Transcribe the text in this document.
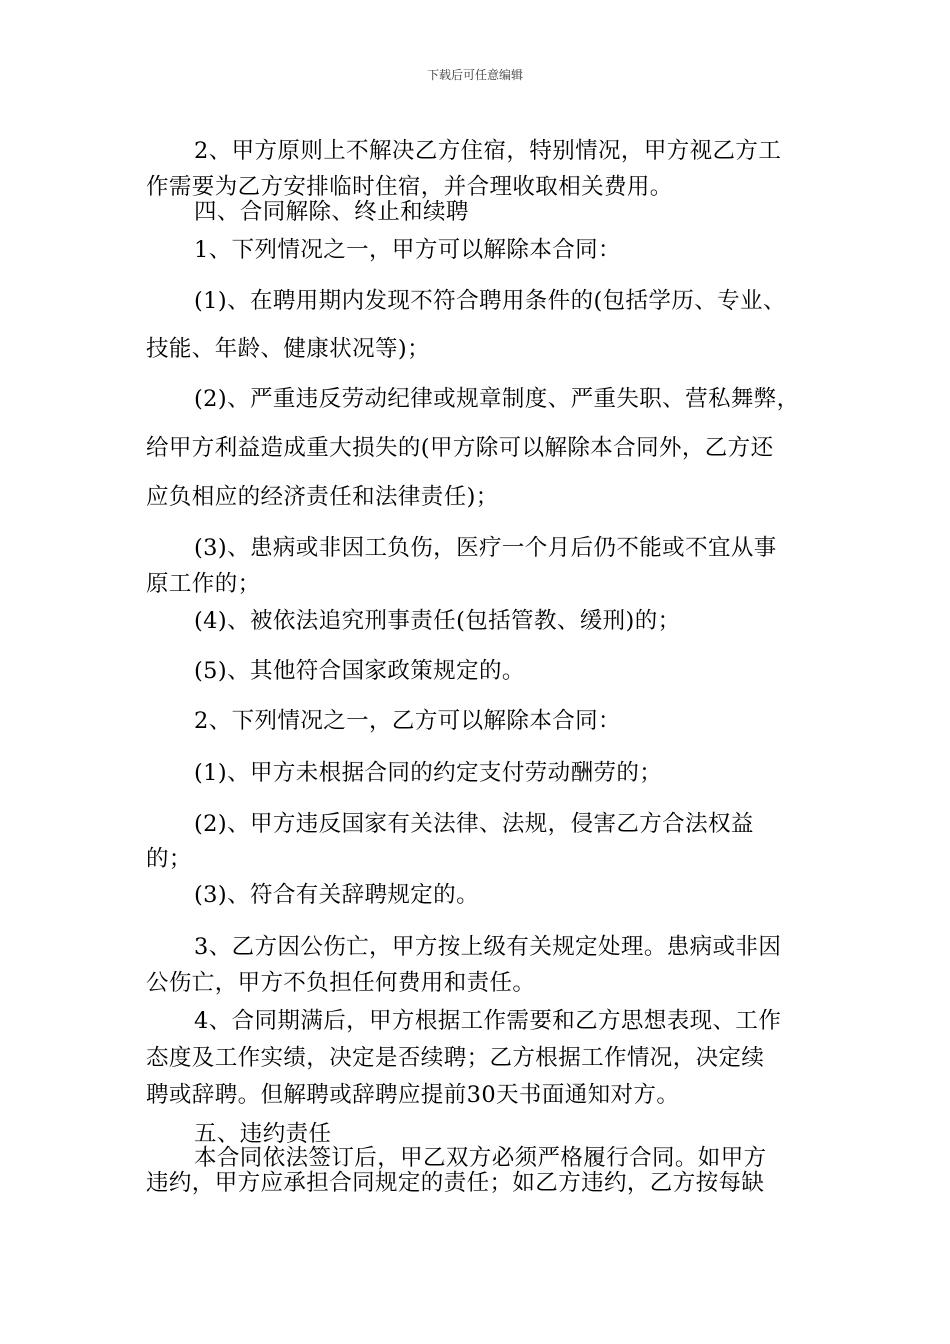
下载后可任意编辑
2、甲方原则上不解决乙方住宿，特别情况，甲方视乙方工
作需要为乙方安排临时住宿，并合理收取相关费用。
四、合同解除、终止和续聘
1、下列情况之一，甲方可以解除本合同：
(1)、在聘用期内发现不符合聘用条件的(包括学历、专业、
技能、年龄、健康状况等)；
(2)、严重违反劳动纪律或规章制度、严重失职、营私舞弊，
给甲方利益造成重大损失的(甲方除可以解除本合同外，乙方还
应负相应的经济责任和法律责任)；
(3)、患病或非因工负伤，医疗一个月后仍不能或不宜从事
原工作的；
(4)、被依法追究刑事责任(包括管教、缓刑)的；
(5)、其他符合国家政策规定的。
2、下列情况之一，乙方可以解除本合同：
(1)、甲方未根据合同的约定支付劳动酬劳的；
(2)、甲方违反国家有关法律、法规，侵害乙方合法权益
的；
(3)、符合有关辞聘规定的。
3、乙方因公伤亡，甲方按上级有关规定处理。患病或非因
公伤亡，甲方不负担任何费用和责任。
4、合同期满后，甲方根据工作需要和乙方思想表现、工作
态度及工作实绩，决定是否续聘；乙方根据工作情况，决定续
聘或辞聘。但解聘或辞聘应提前30天书面通知对方。
五、违约责任
本合同依法签订后，甲乙双方必须严格履行合同。如甲方
违约，甲方应承担合同规定的责任；如乙方违约，乙方按每缺
